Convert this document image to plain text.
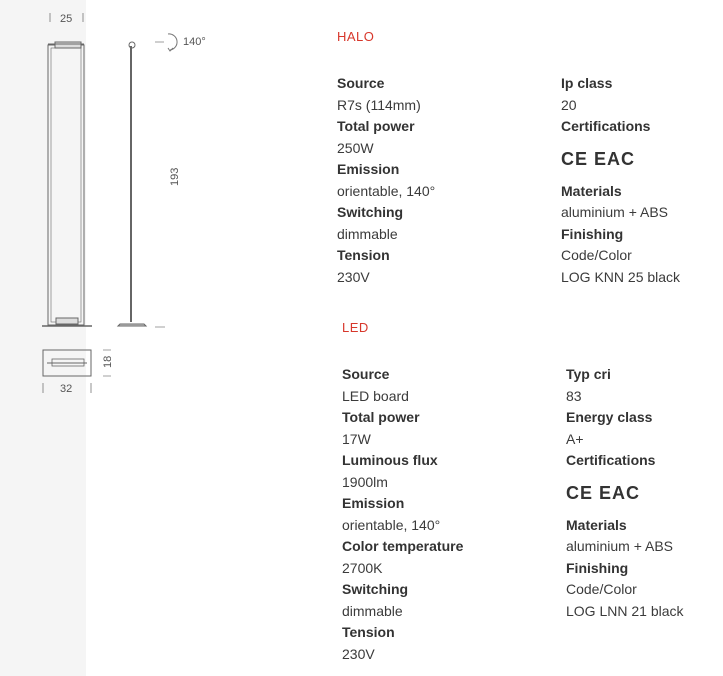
25
140°
193
18
32
HALO
Source
R7s (114mm)
Total power
250W
Emission
orientable, 140°
Switching
dimmable
Tension
230V
Ip class
20
Certifications
CE EAC
Materials
aluminium + ABS
Finishing
Code/Color
LOG KNN 25 black
LED
Source
LED board
Total power
17W
Luminous flux
1900lm
Emission
orientable, 140°
Color temperature
2700K
Switching
dimmable
Tension
230V
Typ cri
83
Energy class
A+
Certifications
CE EAC
Materials
aluminium + ABS
Finishing
Code/Color
LOG LNN 21 black
